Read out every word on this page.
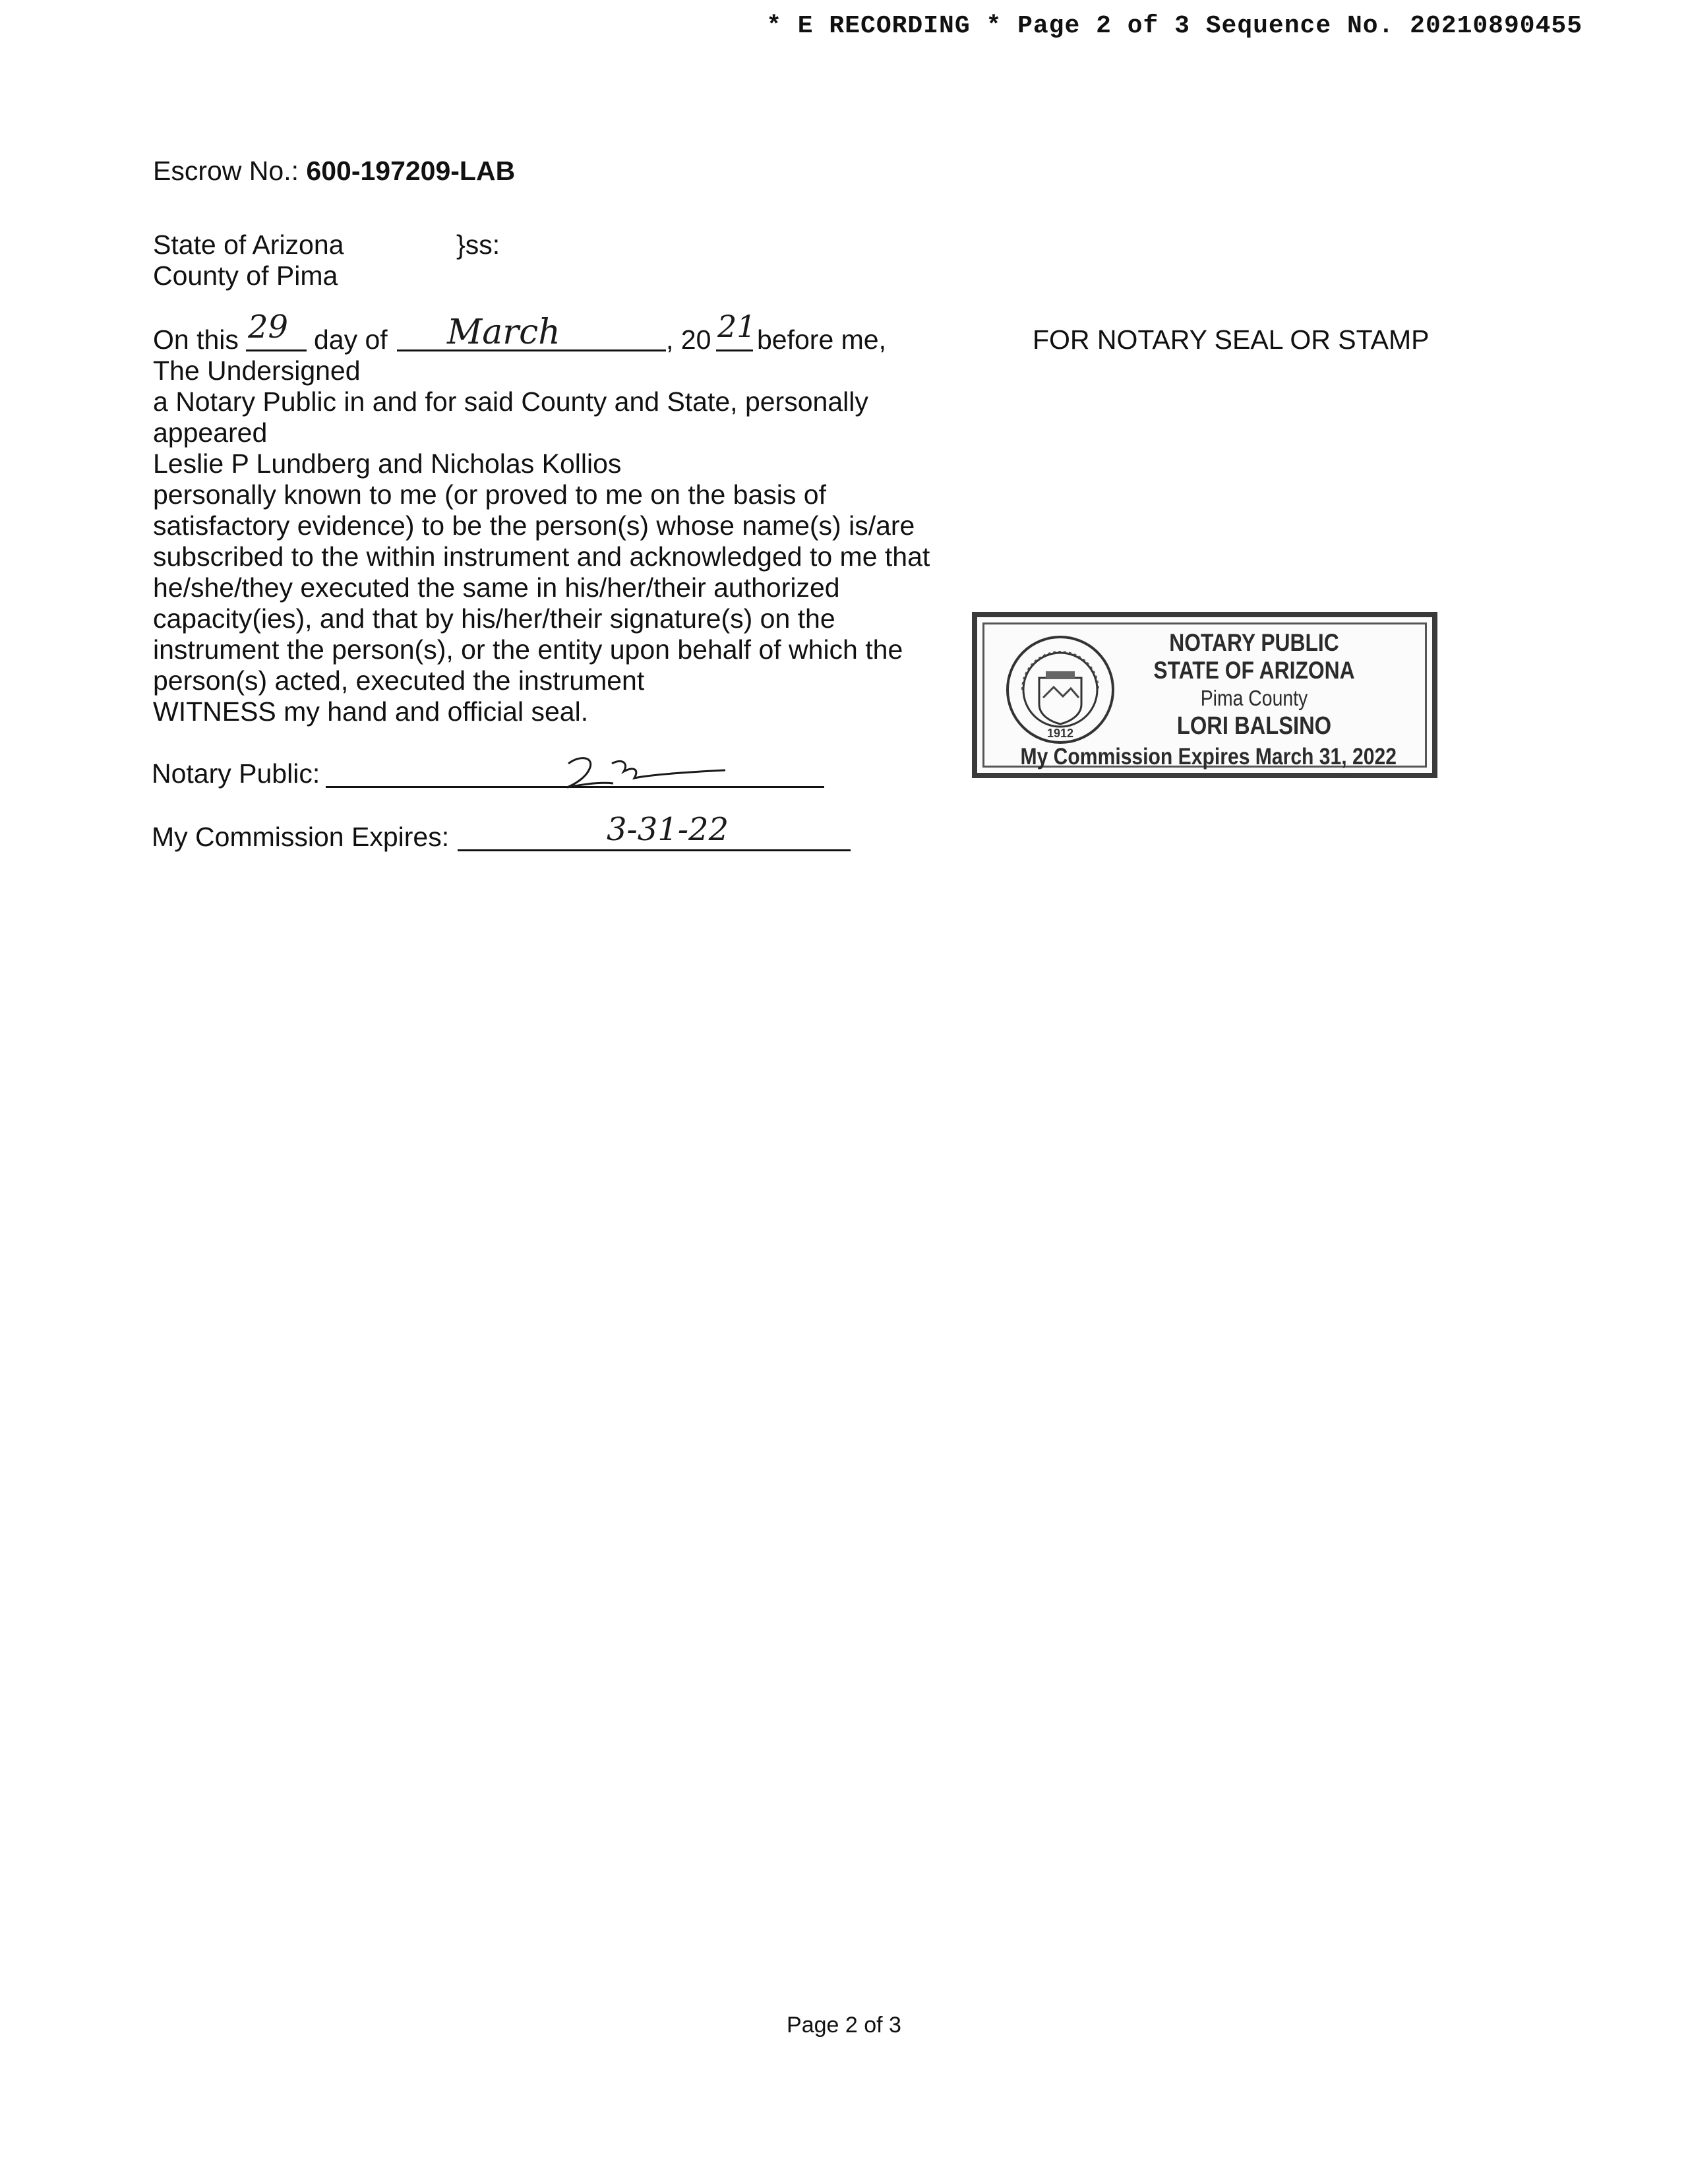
* E RECORDING * Page 2 of 3 Sequence No. 20210890455
Escrow No.: 600-197209-LAB
State of Arizona	}ss:
County of Pima
On this 29 day of March	, 20 21 before me,
The Undersigned
a Notary Public in and for said County and State, personally
appeared
Leslie P Lundberg and Nicholas Kollios
personally known to me (or proved to me on the basis of
satisfactory evidence) to be the person(s) whose name(s) is/are
subscribed to the within instrument and acknowledged to me that
he/she/they executed the same in his/her/their authorized
capacity(ies), and that by his/her/their signature(s) on the
instrument the person(s), or the entity upon behalf of which the
person(s) acted, executed the instrument
WITNESS my hand and official seal.
Notary Public:
My Commission Expires:	3-31-22
FOR NOTARY SEAL OR STAMP
1912
NOTARY PUBLIC
STATE OF ARIZONA
Pima County
LORI BALSINO
My Commission Expires March 31, 2022
Page 2 of 3
